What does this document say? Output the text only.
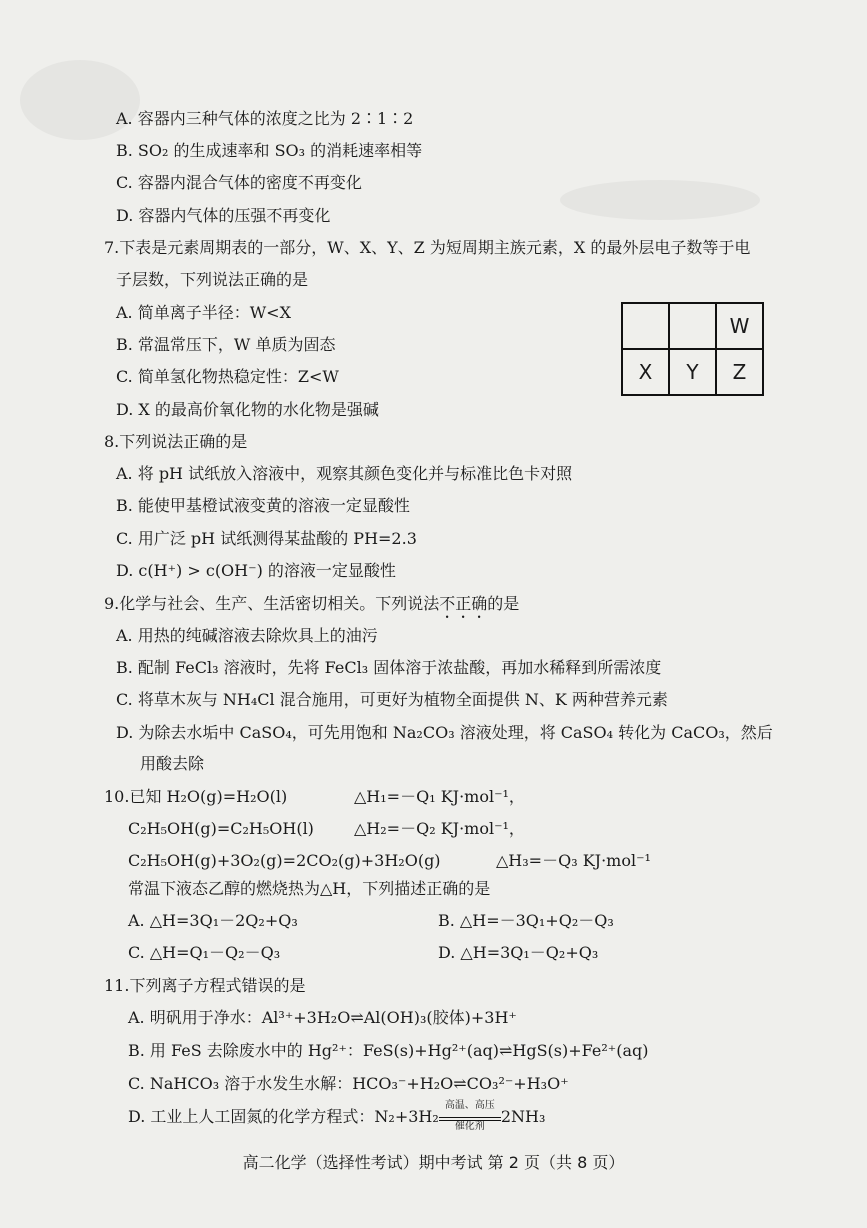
A. 容器内三种气体的浓度之比为 2∶1∶2
B. SO₂ 的生成速率和 SO₃ 的消耗速率相等
C. 容器内混合气体的密度不再变化
D. 容器内气体的压强不再变化
7.下表是元素周期表的一部分，W、X、Y、Z 为短周期主族元素，X 的最外层电子数等于电
子层数，下列说法正确的是
A. 简单离子半径：W<X
B. 常温常压下，W 单质为固态
C. 简单氢化物热稳定性：Z<W
D. X 的最高价氧化物的水化物是强碱
		W
X	Y	Z
8.下列说法正确的是
A. 将 pH 试纸放入溶液中，观察其颜色变化并与标准比色卡对照
B. 能使甲基橙试液变黄的溶液一定显酸性
C. 用广泛 pH 试纸测得某盐酸的 PH=2.3
D. c(H⁺) > c(OH⁻) 的溶液一定显酸性
9.化学与社会、生产、生活密切相关。下列说法不正确的是
A. 用热的纯碱溶液去除炊具上的油污
B. 配制 FeCl₃ 溶液时，先将 FeCl₃ 固体溶于浓盐酸，再加水稀释到所需浓度
C. 将草木灰与 NH₄Cl 混合施用，可更好为植物全面提供 N、K 两种营养元素
D. 为除去水垢中 CaSO₄，可先用饱和 Na₂CO₃ 溶液处理，将 CaSO₄ 转化为 CaCO₃，然后
用酸去除
10.已知 H₂O(g)=H₂O(l)	△H₁=－Q₁ KJ·mol⁻¹，
C₂H₅OH(g)=C₂H₅OH(l)	△H₂=－Q₂ KJ·mol⁻¹，
C₂H₅OH(g)+3O₂(g)=2CO₂(g)+3H₂O(g)	△H₃=－Q₃ KJ·mol⁻¹
常温下液态乙醇的燃烧热为△H，下列描述正确的是
A. △H=3Q₁－2Q₂+Q₃	B. △H=－3Q₁+Q₂－Q₃
C. △H=Q₁－Q₂－Q₃	D. △H=3Q₁－Q₂+Q₃
11.下列离子方程式错误的是
A. 明矾用于净水：Al³⁺+3H₂O⇌Al(OH)₃(胶体)+3H⁺
B. 用 FeS 去除废水中的 Hg²⁺：FeS(s)+Hg²⁺(aq)⇌HgS(s)+Fe²⁺(aq)
C. NaHCO₃ 溶于水发生水解：HCO₃⁻+H₂O⇌CO₃²⁻+H₃O⁺
D. 工业上人工固氮的化学方程式：N₂+3H₂
高温、高压
催化剂	2NH₃
高二化学（选择性考试）期中考试 第 2 页（共 8 页）
